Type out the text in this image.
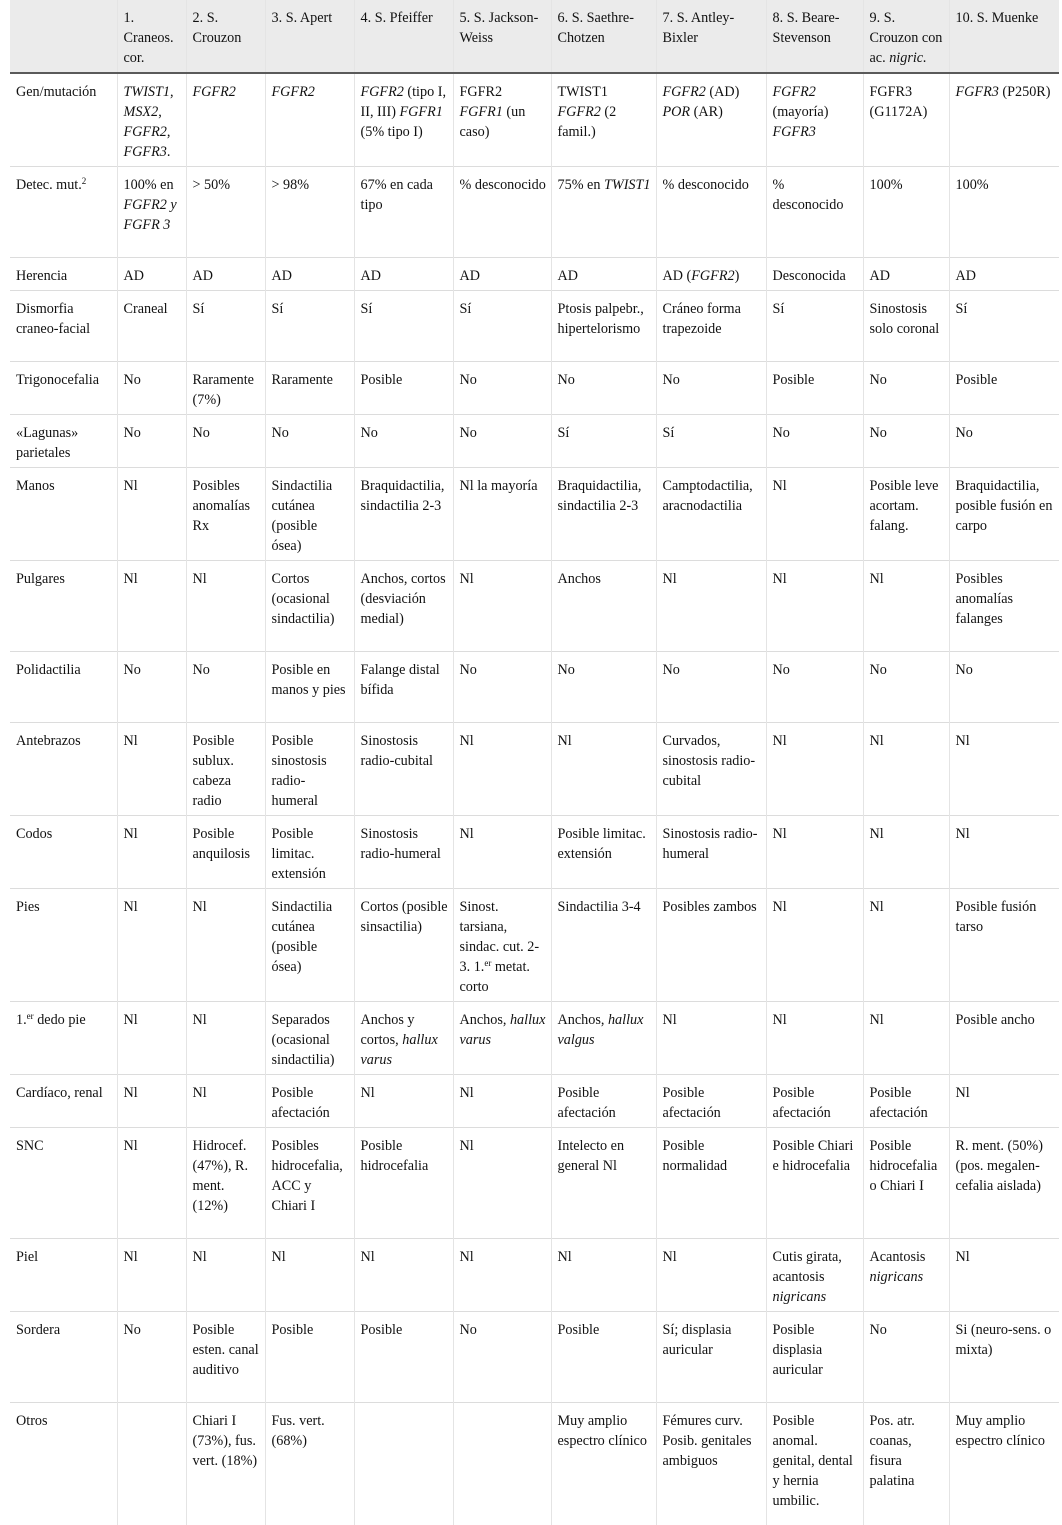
	1. Craneos. cor.	2. S. Crouzon	3. S. Apert	4. S. Pfeiffer	5. S. Jackson-Weiss	6. S. Saethre-Chotzen	7. S. Antley-Bixler	8. S. Beare-Stevenson	9. S. Crouzon con ac. nigric.	10. S. Muenke
Gen/mutación	TWIST1, MSX2, FGFR2, FGFR3.	FGFR2	FGFR2	FGFR2 (tipo I, II, III) FGFR1 (5% tipo I)	FGFR2 FGFR1 (un caso)	TWIST1 FGFR2 (2 famil.)	FGFR2 (AD) POR (AR)	FGFR2 (mayoría) FGFR3	FGFR3 (G1172A)	FGFR3 (P250R)
Detec. mut.$^2$	100% en FGFR2 y FGFR 3	> 50%	> 98%	67% en cada tipo	% desconocido	75% en TWIST1	% desconocido	% desconocido	100%	100%
Herencia	AD	AD	AD	AD	AD	AD	AD (FGFR2)	Desconocida	AD	AD
Dismorfia craneo-facial	Craneal	Sí	Sí	Sí	Sí	Ptosis palpebr., hipertelorismo	Cráneo forma trapezoide	Sí	Sinostosis solo coronal	Sí
Trigonocefalia	No	Raramente (7%)	Raramente	Posible	No	No	No	Posible	No	Posible
«Lagunas» parietales	No	No	No	No	No	Sí	Sí	No	No	No
Manos	Nl	Posibles anomalías Rx	Sindactilia cutánea (posible ósea)	Braquidactilia, sindactilia 2-3	Nl la mayoría	Braquidactilia, sindactilia 2-3	Camptodactilia, aracnodactilia	Nl	Posible leve acortam. falang.	Braquidactilia, posible fusión en carpo
Pulgares	Nl	Nl	Cortos (ocasional sindactilia)	Anchos, cortos (desviación medial)	Nl	Anchos	Nl	Nl	Nl	Posibles anomalías falanges
Polidactilia	No	No	Posible en manos y pies	Falange distal bífida	No	No	No	No	No	No
Antebrazos	Nl	Posible sublux. cabeza radio	Posible sinostosis radio-humeral	Sinostosis radio-cubital	Nl	Nl	Curvados, sinostosis radio-cubital	Nl	Nl	Nl
Codos	Nl	Posible anquilosis	Posible limitac. extensión	Sinostosis radio-humeral	Nl	Posible limitac. extensión	Sinostosis radio-humeral	Nl	Nl	Nl
Pies	Nl	Nl	Sindactilia cutánea (posible ósea)	Cortos (posible sinsactilia)	Sinost. tarsiana, sindac. cut. 2-3. 1.$^{er}$ metat. corto	Sindactilia 3-4	Posibles zambos	Nl	Nl	Posible fusión tarso
1.$^{er}$ dedo pie	Nl	Nl	Separados (ocasional sindactilia)	Anchos y cortos, hallux varus	Anchos, hallux varus	Anchos, hallux valgus	Nl	Nl	Nl	Posible ancho
Cardíaco, renal	Nl	Nl	Posible afectación	Nl	Nl	Posible afectación	Posible afectación	Posible afectación	Posible afectación	Nl
SNC	Nl	Hidrocef. (47%), R. ment. (12%)	Posibles hidrocefalia, ACC y Chiari I	Posible hidrocefalia	Nl	Intelecto en general Nl	Posible normalidad	Posible Chiari e hidrocefalia	Posible hidrocefalia o Chiari I	R. ment. (50%) (pos. megalen-cefalia aislada)
Piel	Nl	Nl	Nl	Nl	Nl	Nl	Nl	Cutis girata, acantosis nigricans	Acantosis nigricans	Nl
Sordera	No	Posible esten. canal auditivo	Posible	Posible	No	Posible	Sí; displasia auricular	Posible displasia auricular	No	Si (neuro-sens. o mixta)
Otros		Chiari I (73%), fus. vert. (18%)	Fus. vert. (68%)			Muy amplio espectro clínico	Fémures curv. Posib. genitales ambiguos	Posible anomal. genital, dental y hernia umbilic.	Pos. atr. coanas, fisura palatina	Muy amplio espectro clínico
